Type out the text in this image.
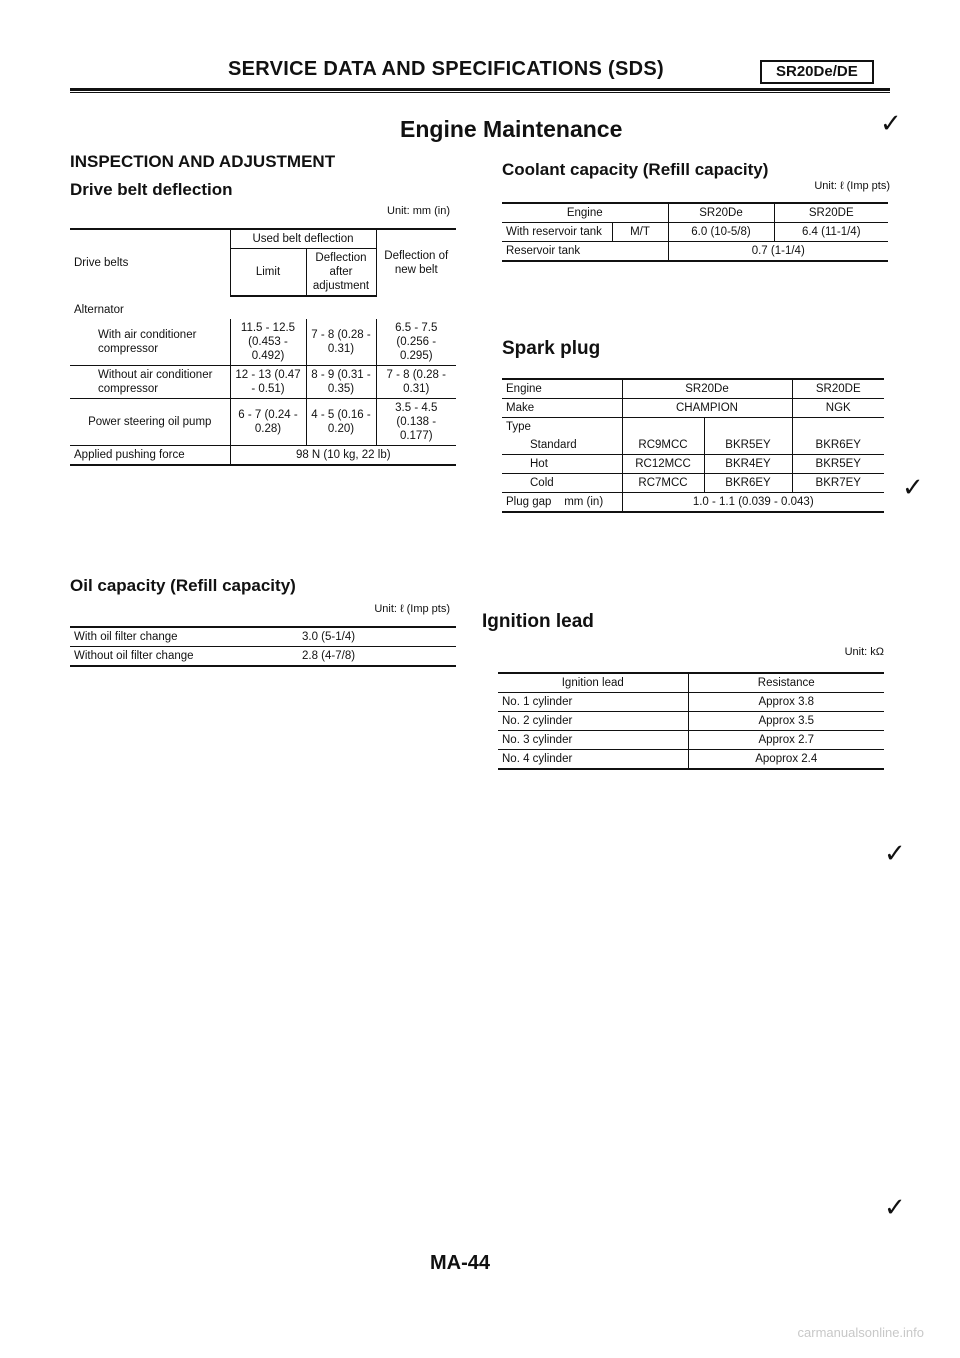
SERVICE DATA AND SPECIFICATIONS (SDS)	SR20De/DE
Engine Maintenance	✓
INSPECTION AND ADJUSTMENT
Drive belt deflection
Unit: mm (in)
Drive belts	Used belt deflection		Deflection of new belt
	Limit	Deflection after adjustment	
Alternator			
With air conditioner compressor	11.5 - 12.5 (0.453 - 0.492)	7 - 8 (0.28 - 0.31)	6.5 - 7.5 (0.256 - 0.295)
Without air conditioner compressor	12 - 13 (0.47 - 0.51)	8 - 9 (0.31 - 0.35)	7 - 8 (0.28 - 0.31)
Power steering oil pump	6 - 7 (0.24 - 0.28)	4 - 5 (0.16 - 0.20)	3.5 - 4.5 (0.138 - 0.177)
Applied pushing force	98 N (10 kg, 22 lb)		
Oil capacity (Refill capacity)
Unit: ℓ (Imp pts)
With oil filter change	3.0 (5-1/4)
Without oil filter change	2.8 (4-7/8)
Coolant capacity (Refill capacity)
Unit: ℓ (Imp pts)
Engine		SR20De	SR20DE
With reservoir tank	M/T	6.0 (10-5/8)	6.4 (11-1/4)
Reservoir tank		0.7 (1-1/4)	
Spark plug
Engine	SR20De		SR20DE
Make	CHAMPION		NGK
Type			
Standard	RC9MCC	BKR5EY	BKR6EY
Hot	RC12MCC	BKR4EY	BKR5EY
Cold	RC7MCC	BKR6EY	BKR7EY
Plug gap mm (in)	1.0 - 1.1 (0.039 - 0.043)			✓
Ignition lead
Unit: kΩ
Ignition lead	Resistance
No. 1 cylinder	Approx 3.8
No. 2 cylinder	Approx 3.5
No. 3 cylinder	Approx 2.7
No. 4 cylinder	Apoprox 2.4
✓
✓
MA-44
carmanualsonline.info
